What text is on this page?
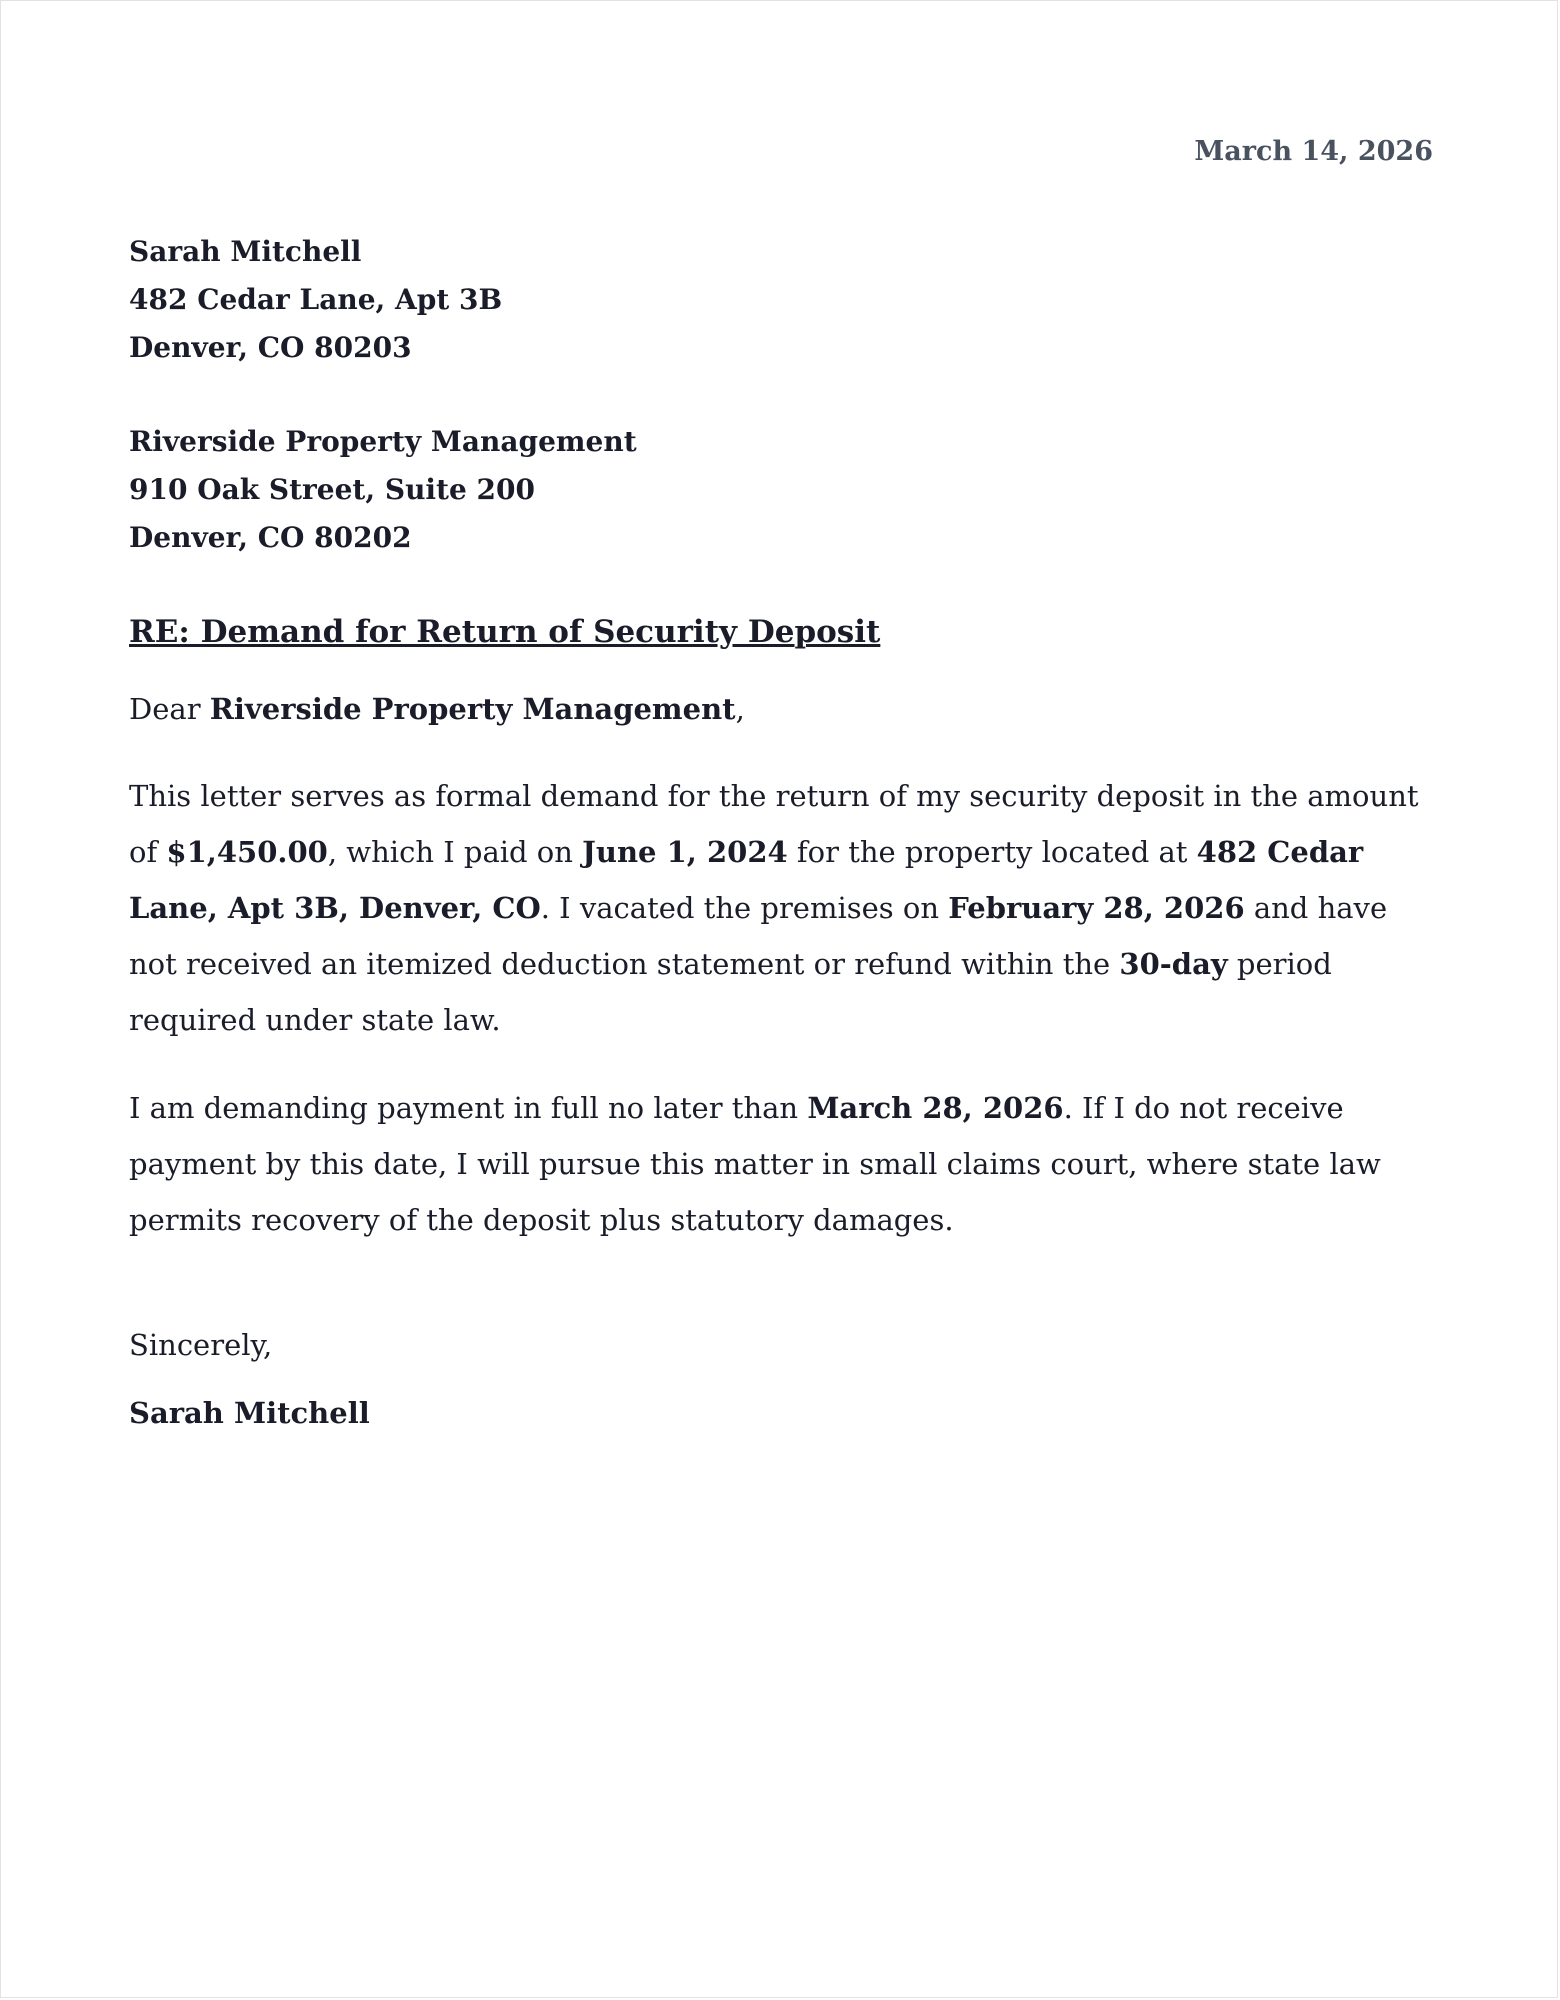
March 14, 2026

Sarah Mitchell
482 Cedar Lane, Apt 3B
Denver, CO 80203
Riverside Property Management
910 Oak Street, Suite 200
Denver, CO 80202
RE: Demand for Return of Security Deposit
Dear Riverside Property Management,
This letter serves as formal demand for the return of my security deposit in the amount of $1,450.00, which I paid on June 1, 2024 for the property located at 482 Cedar Lane, Apt 3B, Denver, CO. I vacated the premises on February 28, 2026 and have not received an itemized deduction statement or refund within the 30-day period required under state law.
I am demanding payment in full no later than March 28, 2026. If I do not receive payment by this date, I will pursue this matter in small claims court, where state law permits recovery of the deposit plus statutory damages.
Sincerely,
Sarah Mitchell
